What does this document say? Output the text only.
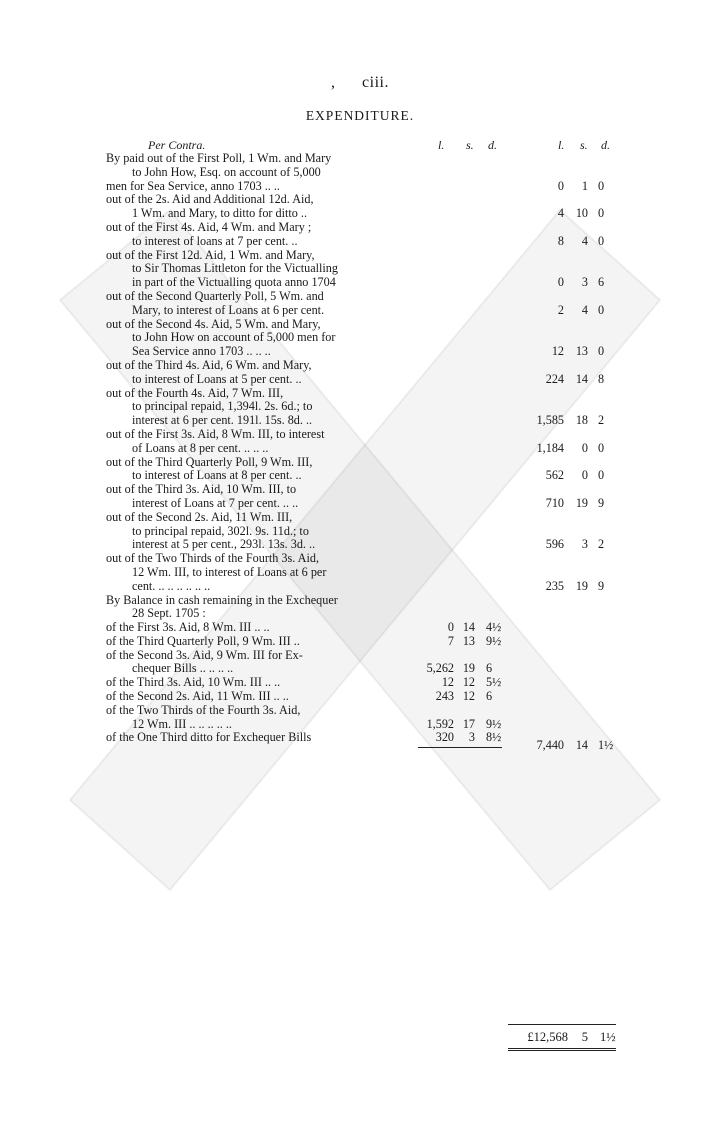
, ciii.
EXPENDITURE.
Per Contra.	l. s. d.	l. s. d.
By paid out of the First Poll, 1 Wm. and Mary
to John How, Esq. on account of 5,000
men for Sea Service, anno 1703 .. ..	0	1 0
out of the 2s. Aid and Additional 12d. Aid,
1 Wm. and Mary, to ditto for ditto ..	4 10 0
out of the First 4s. Aid, 4 Wm. and Mary ;
to interest of loans at 7 per cent. ..	8	4 0
out of the First 12d. Aid, 1 Wm. and Mary,
to Sir Thomas Littleton for the Victualling
in part of the Victualling quota anno 1704	0	3 6
out of the Second Quarterly Poll, 5 Wm. and
Mary, to interest of Loans at 6 per cent.	2	4 0
out of the Second 4s. Aid, 5 Wm. and Mary,
to John How on account of 5,000 men for
Sea Service anno 1703 .. .. ..	12 13 0
out of the Third 4s. Aid, 6 Wm. and Mary,
to interest of Loans at 5 per cent. ..	224 14 8
out of the Fourth 4s. Aid, 7 Wm. III,
to principal repaid, 1,394l. 2s. 6d.; to
interest at 6 per cent. 191l. 15s. 8d. ..	1,585 18 2
out of the First 3s. Aid, 8 Wm. III, to interest
of Loans at 8 per cent. .. .. ..	1,184	0 0
out of the Third Quarterly Poll, 9 Wm. III,
to interest of Loans at 8 per cent. ..	562	0 0
out of the Third 3s. Aid, 10 Wm. III, to
interest of Loans at 7 per cent. .. ..	710 19 9
out of the Second 2s. Aid, 11 Wm. III,
to principal repaid, 302l. 9s. 11d.; to
interest at 5 per cent., 293l. 13s. 3d. ..	596	3 2
out of the Two Thirds of the Fourth 3s. Aid,
12 Wm. III, to interest of Loans at 6 per
cent. .. .. .. .. .. ..	235 19 9
By Balance in cash remaining in the Exchequer
28 Sept. 1705 :
of the First 3s. Aid, 8 Wm. III .. ..	0 14 4½
of the Third Quarterly Poll, 9 Wm. III ..	7 13 9½
of the Second 3s. Aid, 9 Wm. III for Ex-
chequer Bills .. .. .. ..	5,262 19 6
of the Third 3s. Aid, 10 Wm. III .. ..	12 12 5½
of the Second 2s. Aid, 11 Wm. III .. ..	243 12 6
of the Two Thirds of the Fourth 3s. Aid,
12 Wm. III .. .. .. .. ..	1,592 17 9½
of the One Third ditto for Exchequer Bills	320	3 8½
7,440 14 1½
£12,568	5 1½
